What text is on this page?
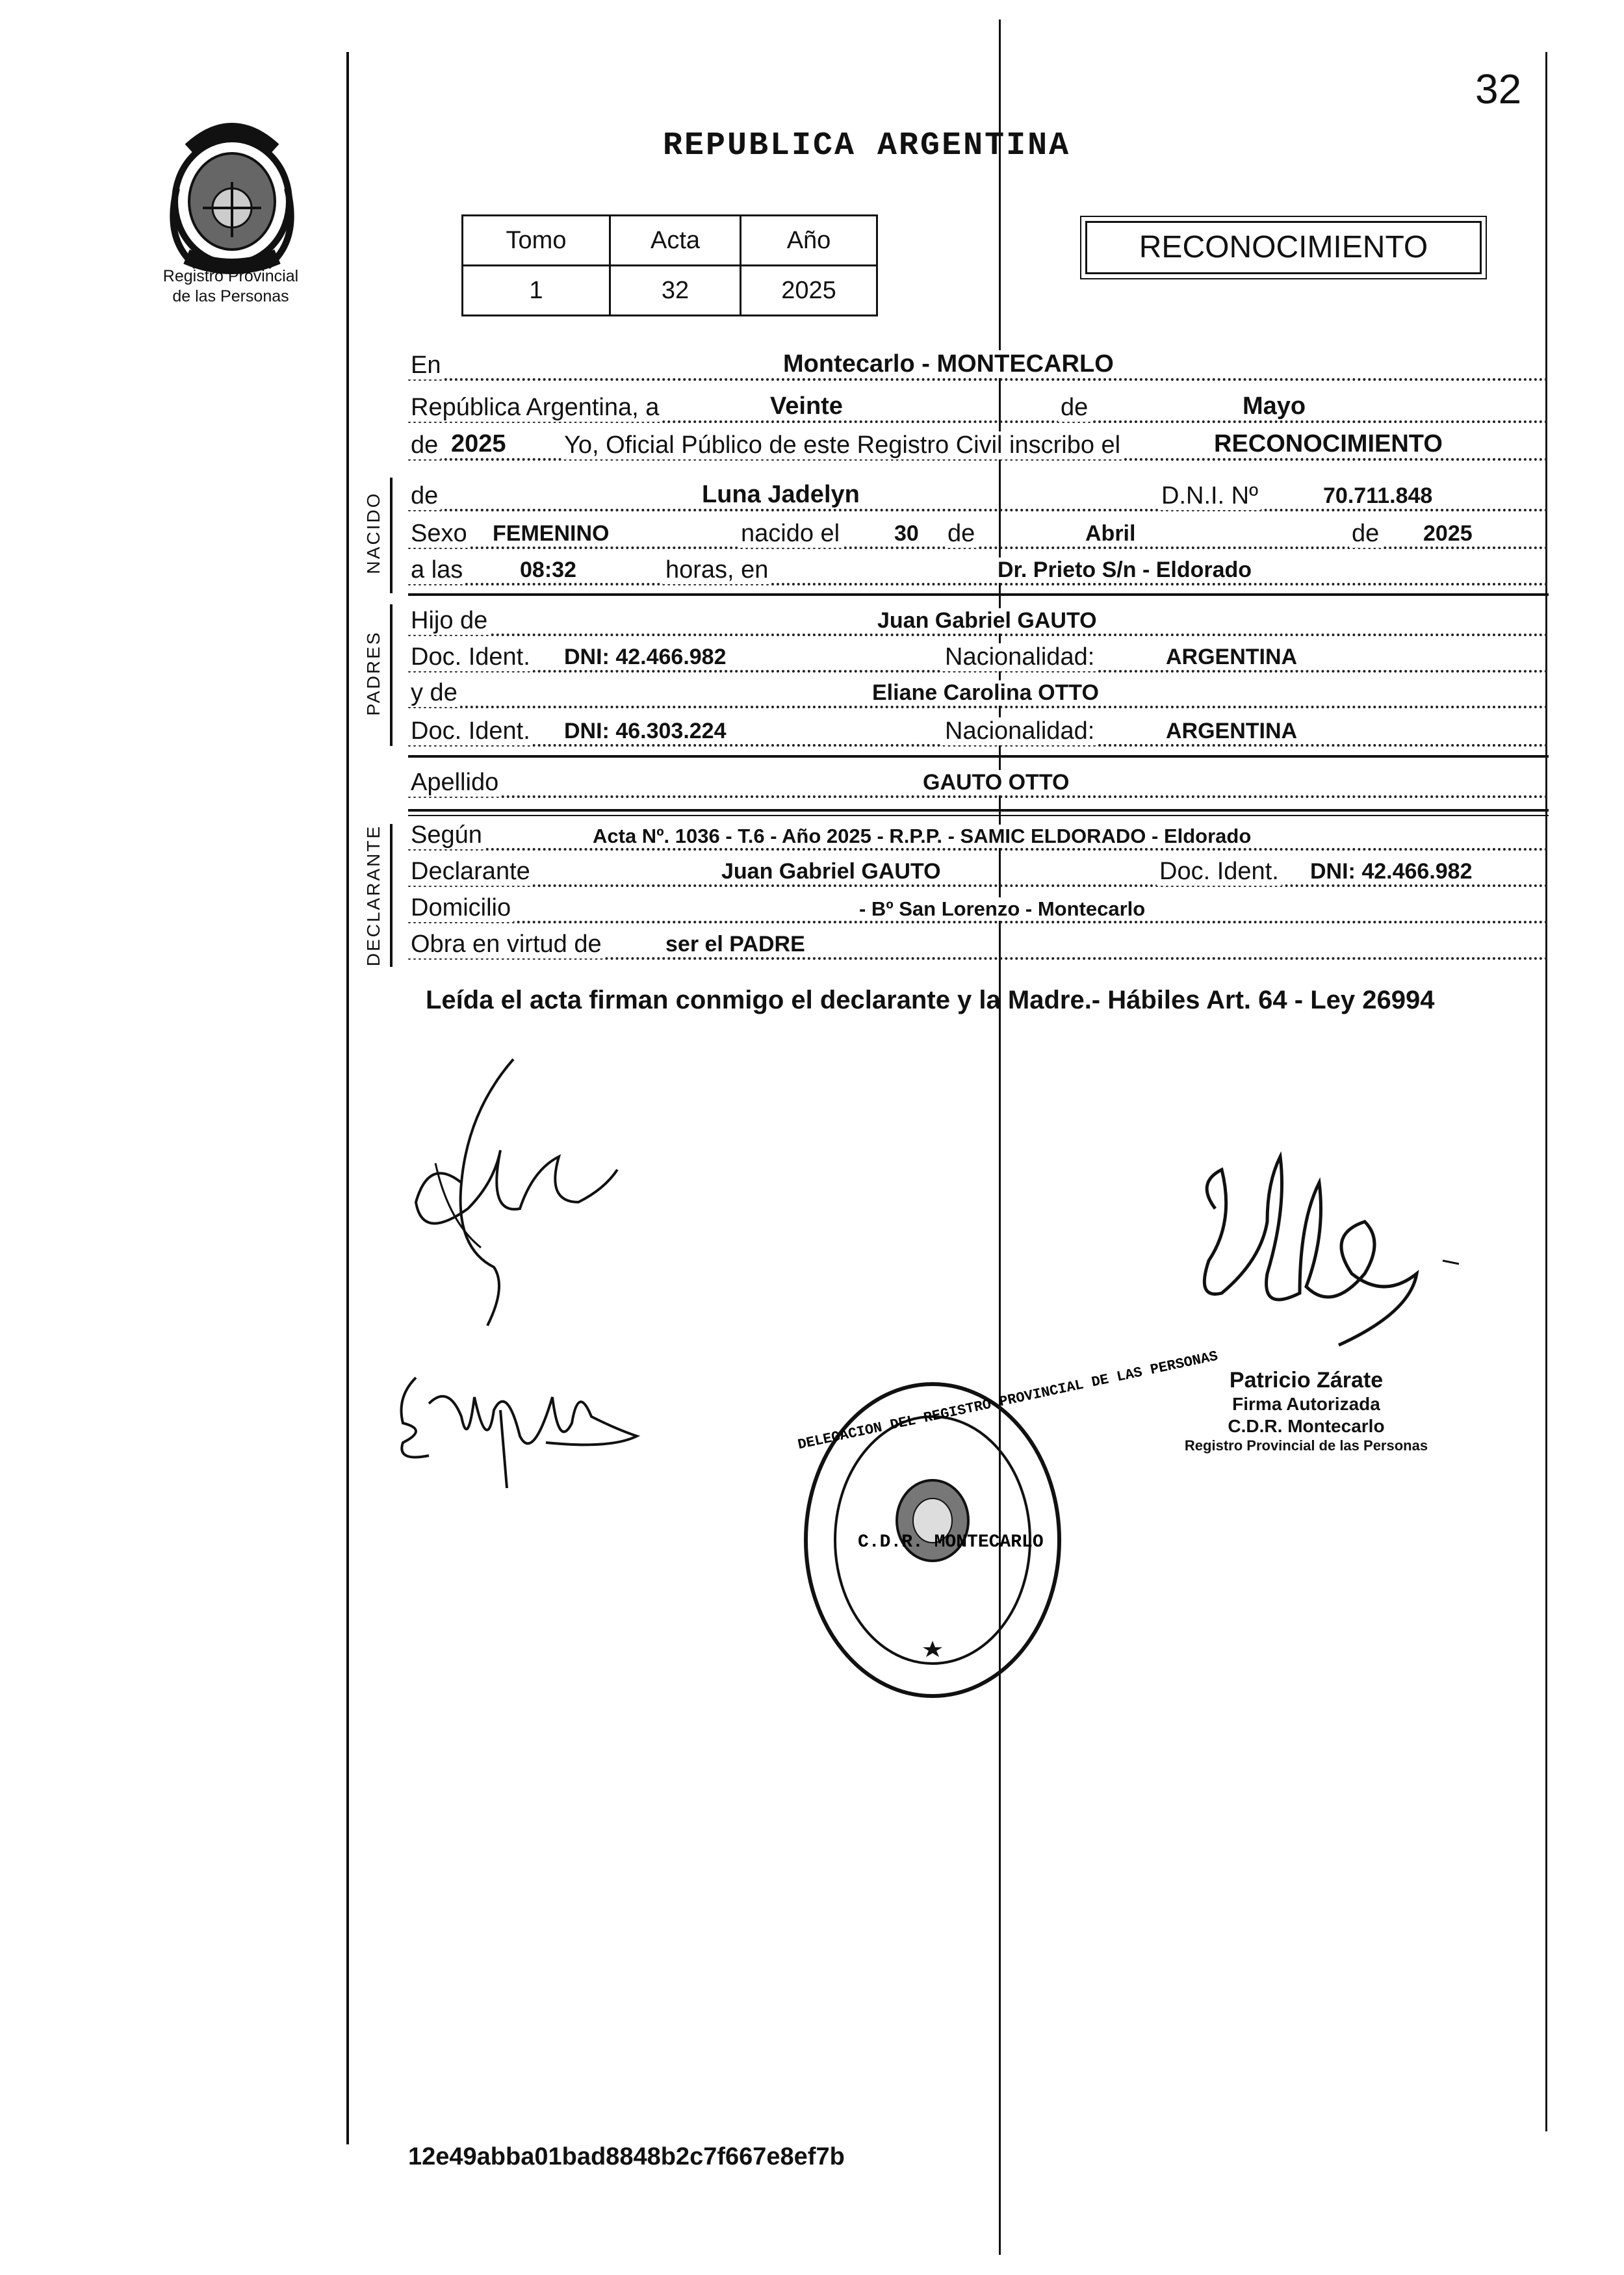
Registro Provincial
de las Personas
32
REPUBLICA ARGENTINA
Tomo	Acta	Año
1	32	2025
RECONOCIMIENTO
En	Montecarlo - MONTECARLO
República Argentina, a	Veinte	de	Mayo
de 2025 Yo, Oficial Público de este Registro Civil inscribo el	RECONOCIMIENTO
NACIDO de	Luna Jadelyn	D.N.I. Nº	70.711.848
Sexo FEMENINO	nacido el 30 de	Abril	de 2025
a las	08:32	horas, en	Dr. Prieto S/n - Eldorado
PADRES
Hijo de	Juan Gabriel GAUTO
Doc. Ident. DNI: 42.466.982	Nacionalidad:	ARGENTINA
y de	Eliane Carolina OTTO
Doc. Ident. DNI: 46.303.224	Nacionalidad:	ARGENTINA
Apellido	GAUTO OTTO
DECLARANTE Según	Acta Nº. 1036 - T.6 - Año 2025 - R.P.P. - SAMIC ELDORADO - Eldorado
Declarante	Juan Gabriel GAUTO	Doc. Ident. DNI: 42.466.982
Domicilio	- Bº San Lorenzo - Montecarlo
Obra en virtud de	ser el PADRE
Leída el acta firman conmigo el declarante y la Madre.- Hábiles Art. 64 - Ley 26994
C.D.R. MONTECARLO
DELEGACION DEL REGISTRO PROVINCIAL DE LAS PERSONAS Patricio Zárate
Firma Autorizada
C.D.R. Montecarlo
Registro Provincial de las Personas
12e49abba01bad8848b2c7f667e8ef7b
